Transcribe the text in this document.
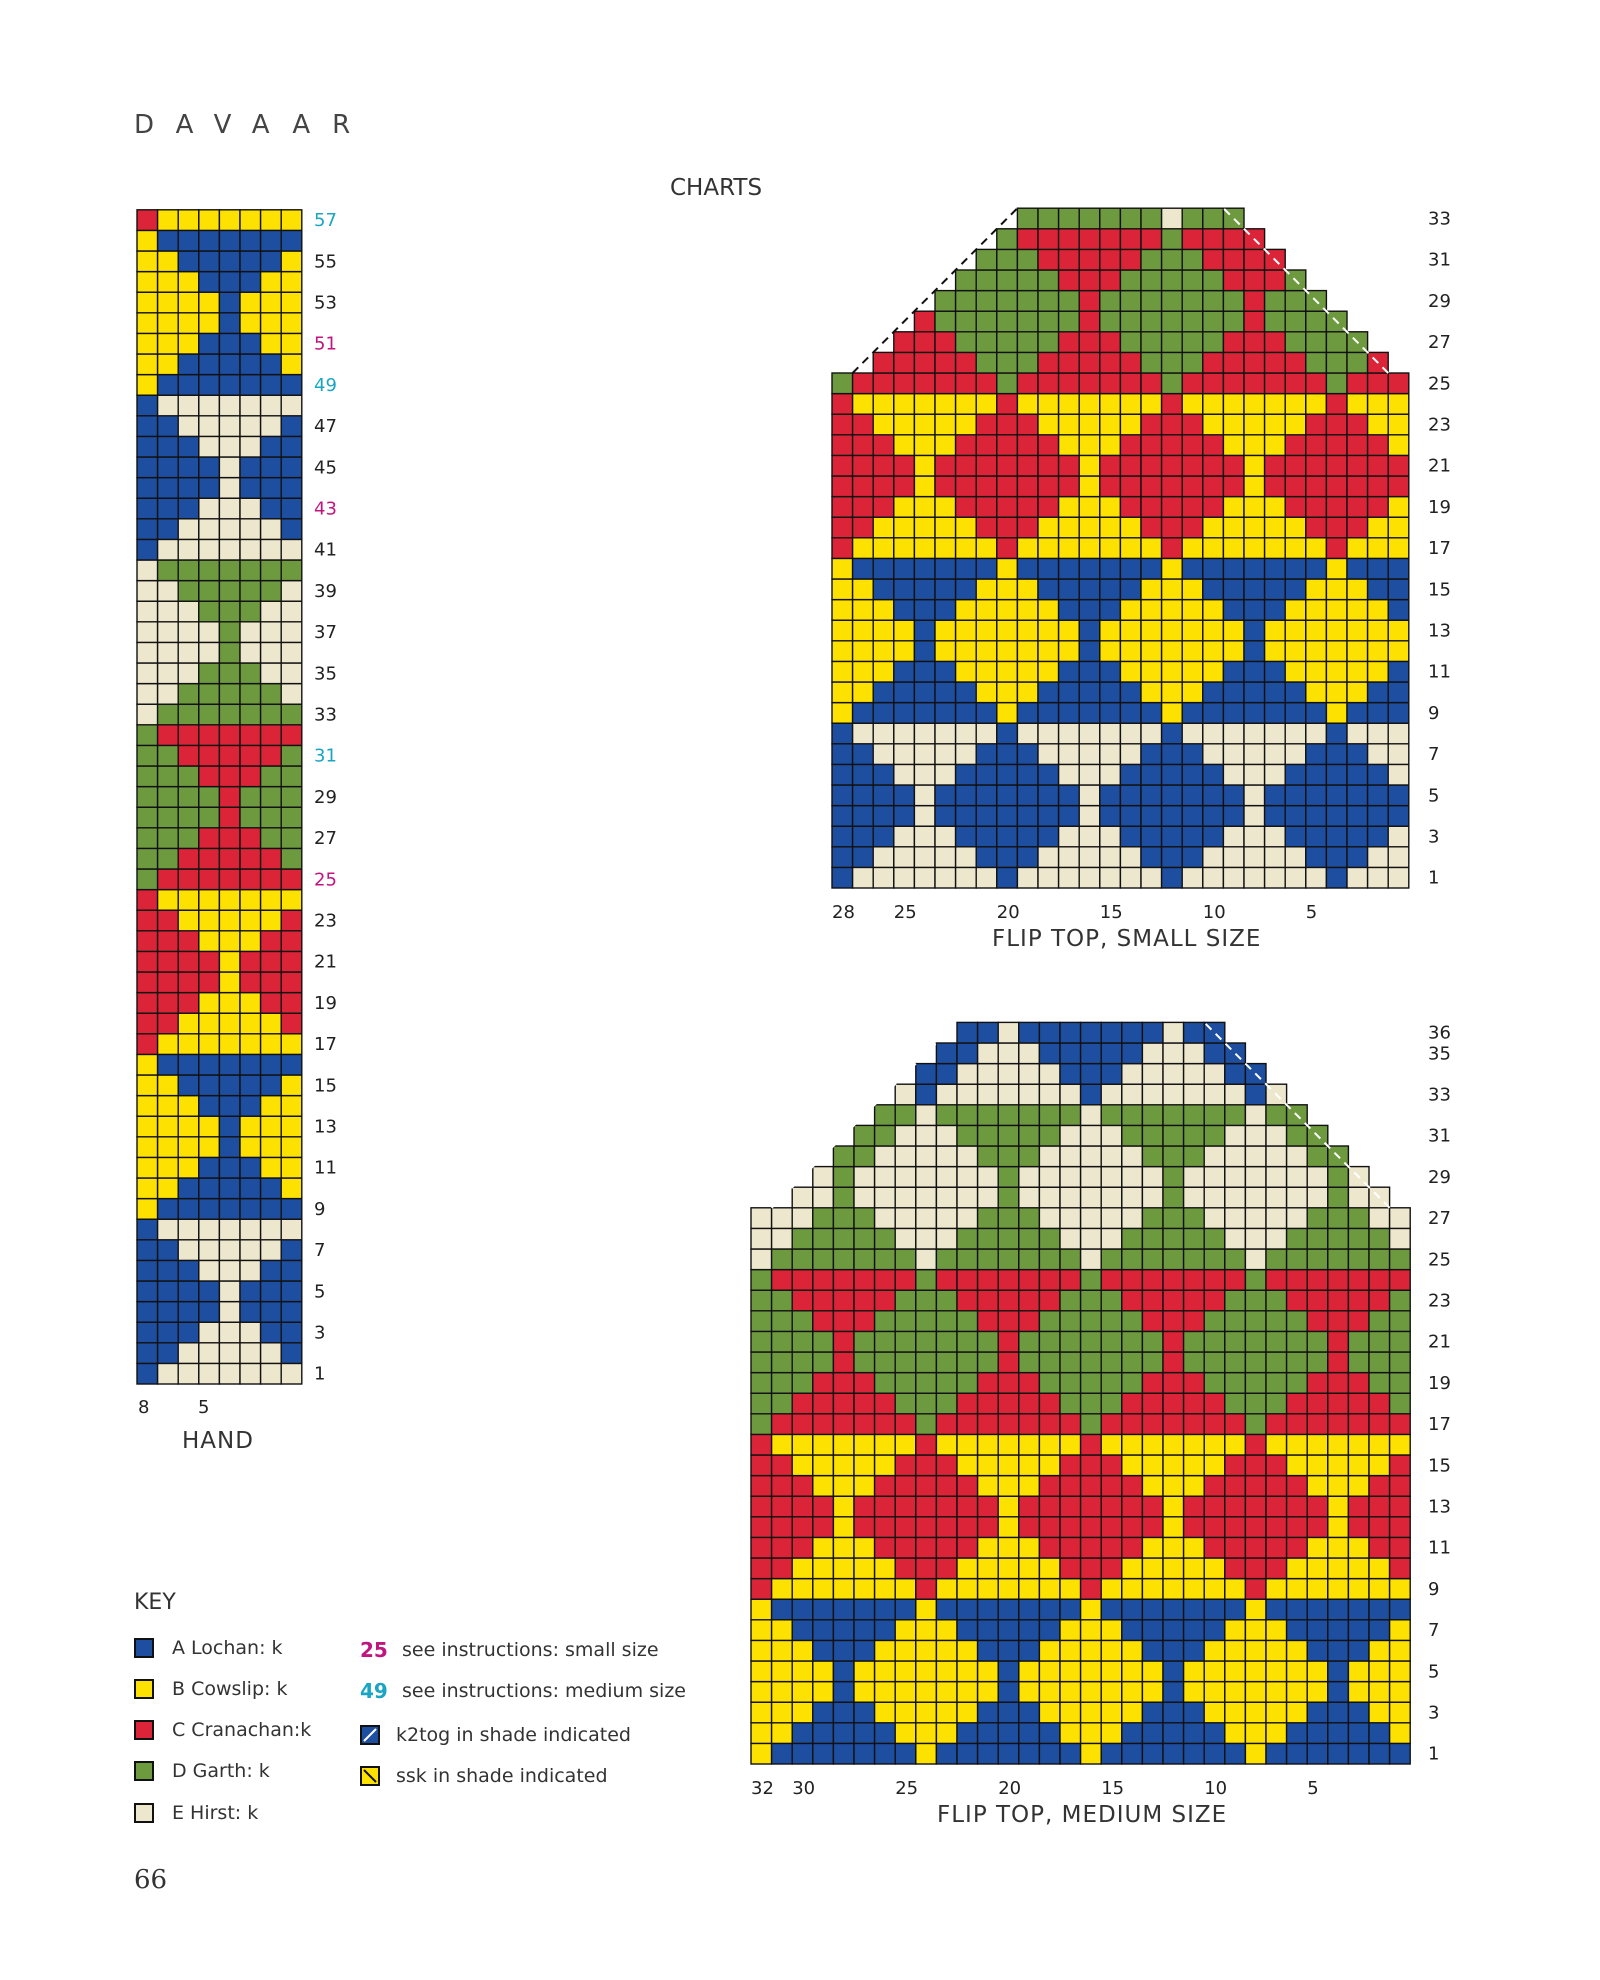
DAVAAR
CHARTS
57
55
53
51
49
47
45
43
41
39
37
35
33
31
29
27
25
23
21
19
17
15
13
11
9
7
5
3
1
8	5
33
31
29
27
25
23
21
19
17
15
13
11
9
7
5
3
1
28 25	20	15	10	5
36
35
33
31
29
27
25
23
21
19
17
15
13
11
9
7
5
3
1
32 30	25	20	15	10	5
HAND
FLIP TOP, SMALL SIZE
FLIP TOP, MEDIUM SIZE
KEY
A Lochan: k
B Cowslip: k
C Cranachan:k
D Garth: k
E Hirst: k
25 see instructions: small size
49 see instructions: medium size
k2tog in shade indicated
ssk in shade indicated
66
